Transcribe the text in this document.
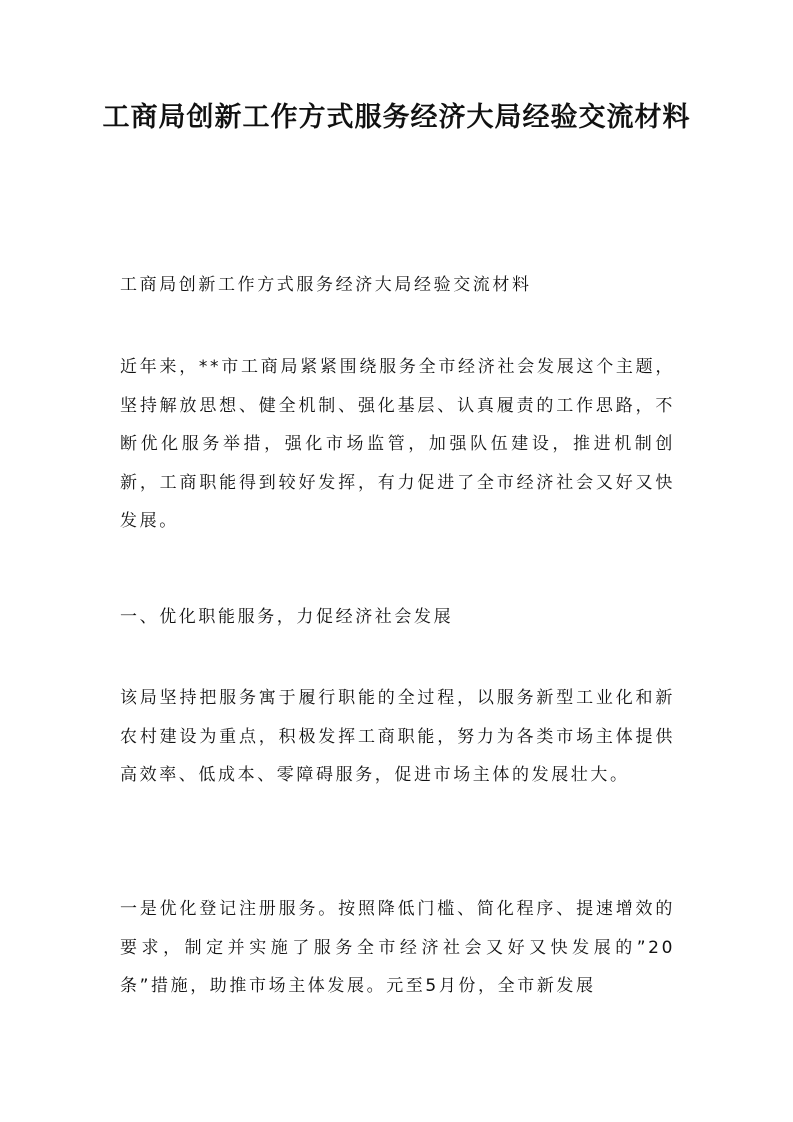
工商局创新工作方式服务经济大局经验交流材料

工商局创新工作方式服务经济大局经验交流材料

近年来，**市工商局紧紧围绕服务全市经济社会发展这个主题，坚持解放思想、健全机制、强化基层、认真履责的工作思路，不断优化服务举措，强化市场监管，加强队伍建设，推进机制创新，工商职能得到较好发挥，有力促进了全市经济社会又好又快发展。

一、优化职能服务，力促经济社会发展

该局坚持把服务寓于履行职能的全过程，以服务新型工业化和新农村建设为重点，积极发挥工商职能，努力为各类市场主体提供高效率、低成本、零障碍服务，促进市场主体的发展壮大。

一是优化登记注册服务。按照降低门槛、简化程序、提速增效的要求，制定并实施了服务全市经济社会又好又快发展的”20条”措施，助推市场主体发展。元至5月份，全市新发展
